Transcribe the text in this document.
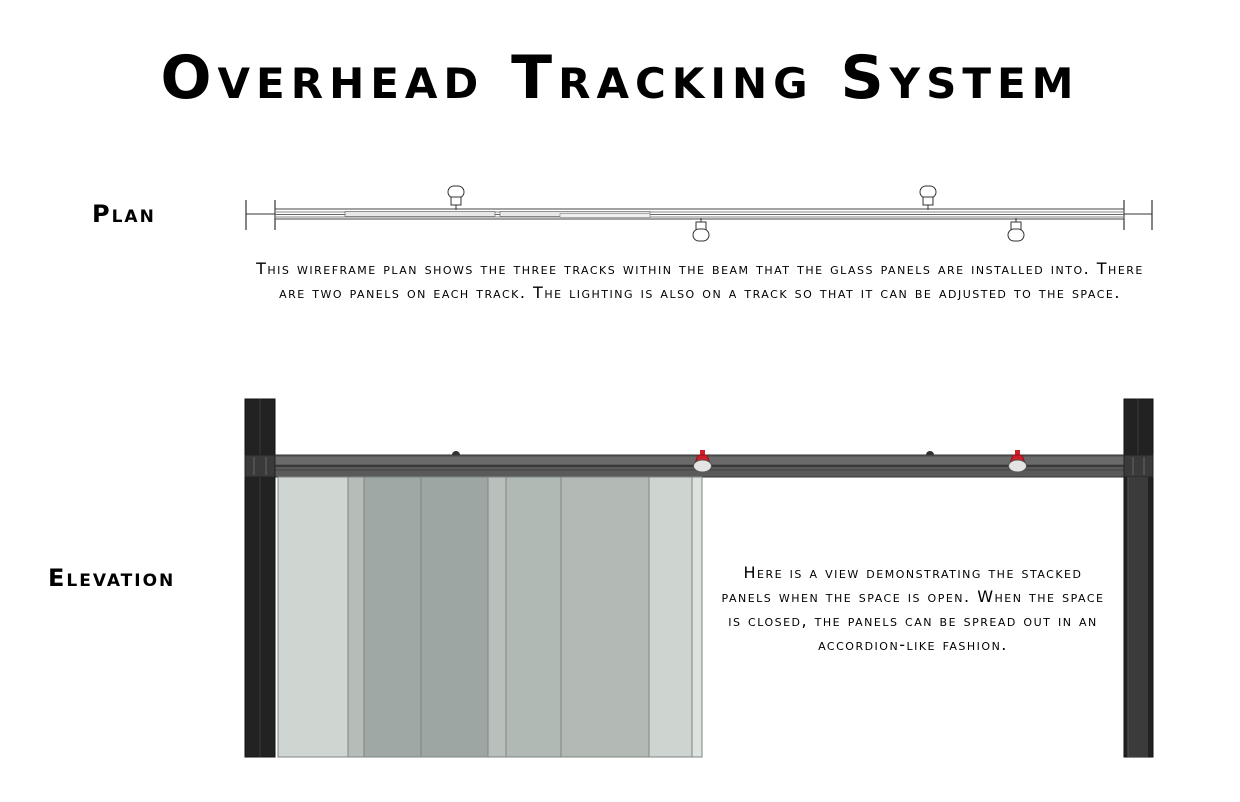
Overhead Tracking System
Plan
This wireframe plan shows the three tracks within the beam that the glass panels are installed into. There are two panels on each track. The lighting is also on a track so that it can be adjusted to the space.
Elevation	Here is a view demonstrating the stacked panels when the space is open. When the space is closed, the panels can be spread out in an accordion-like fashion.
